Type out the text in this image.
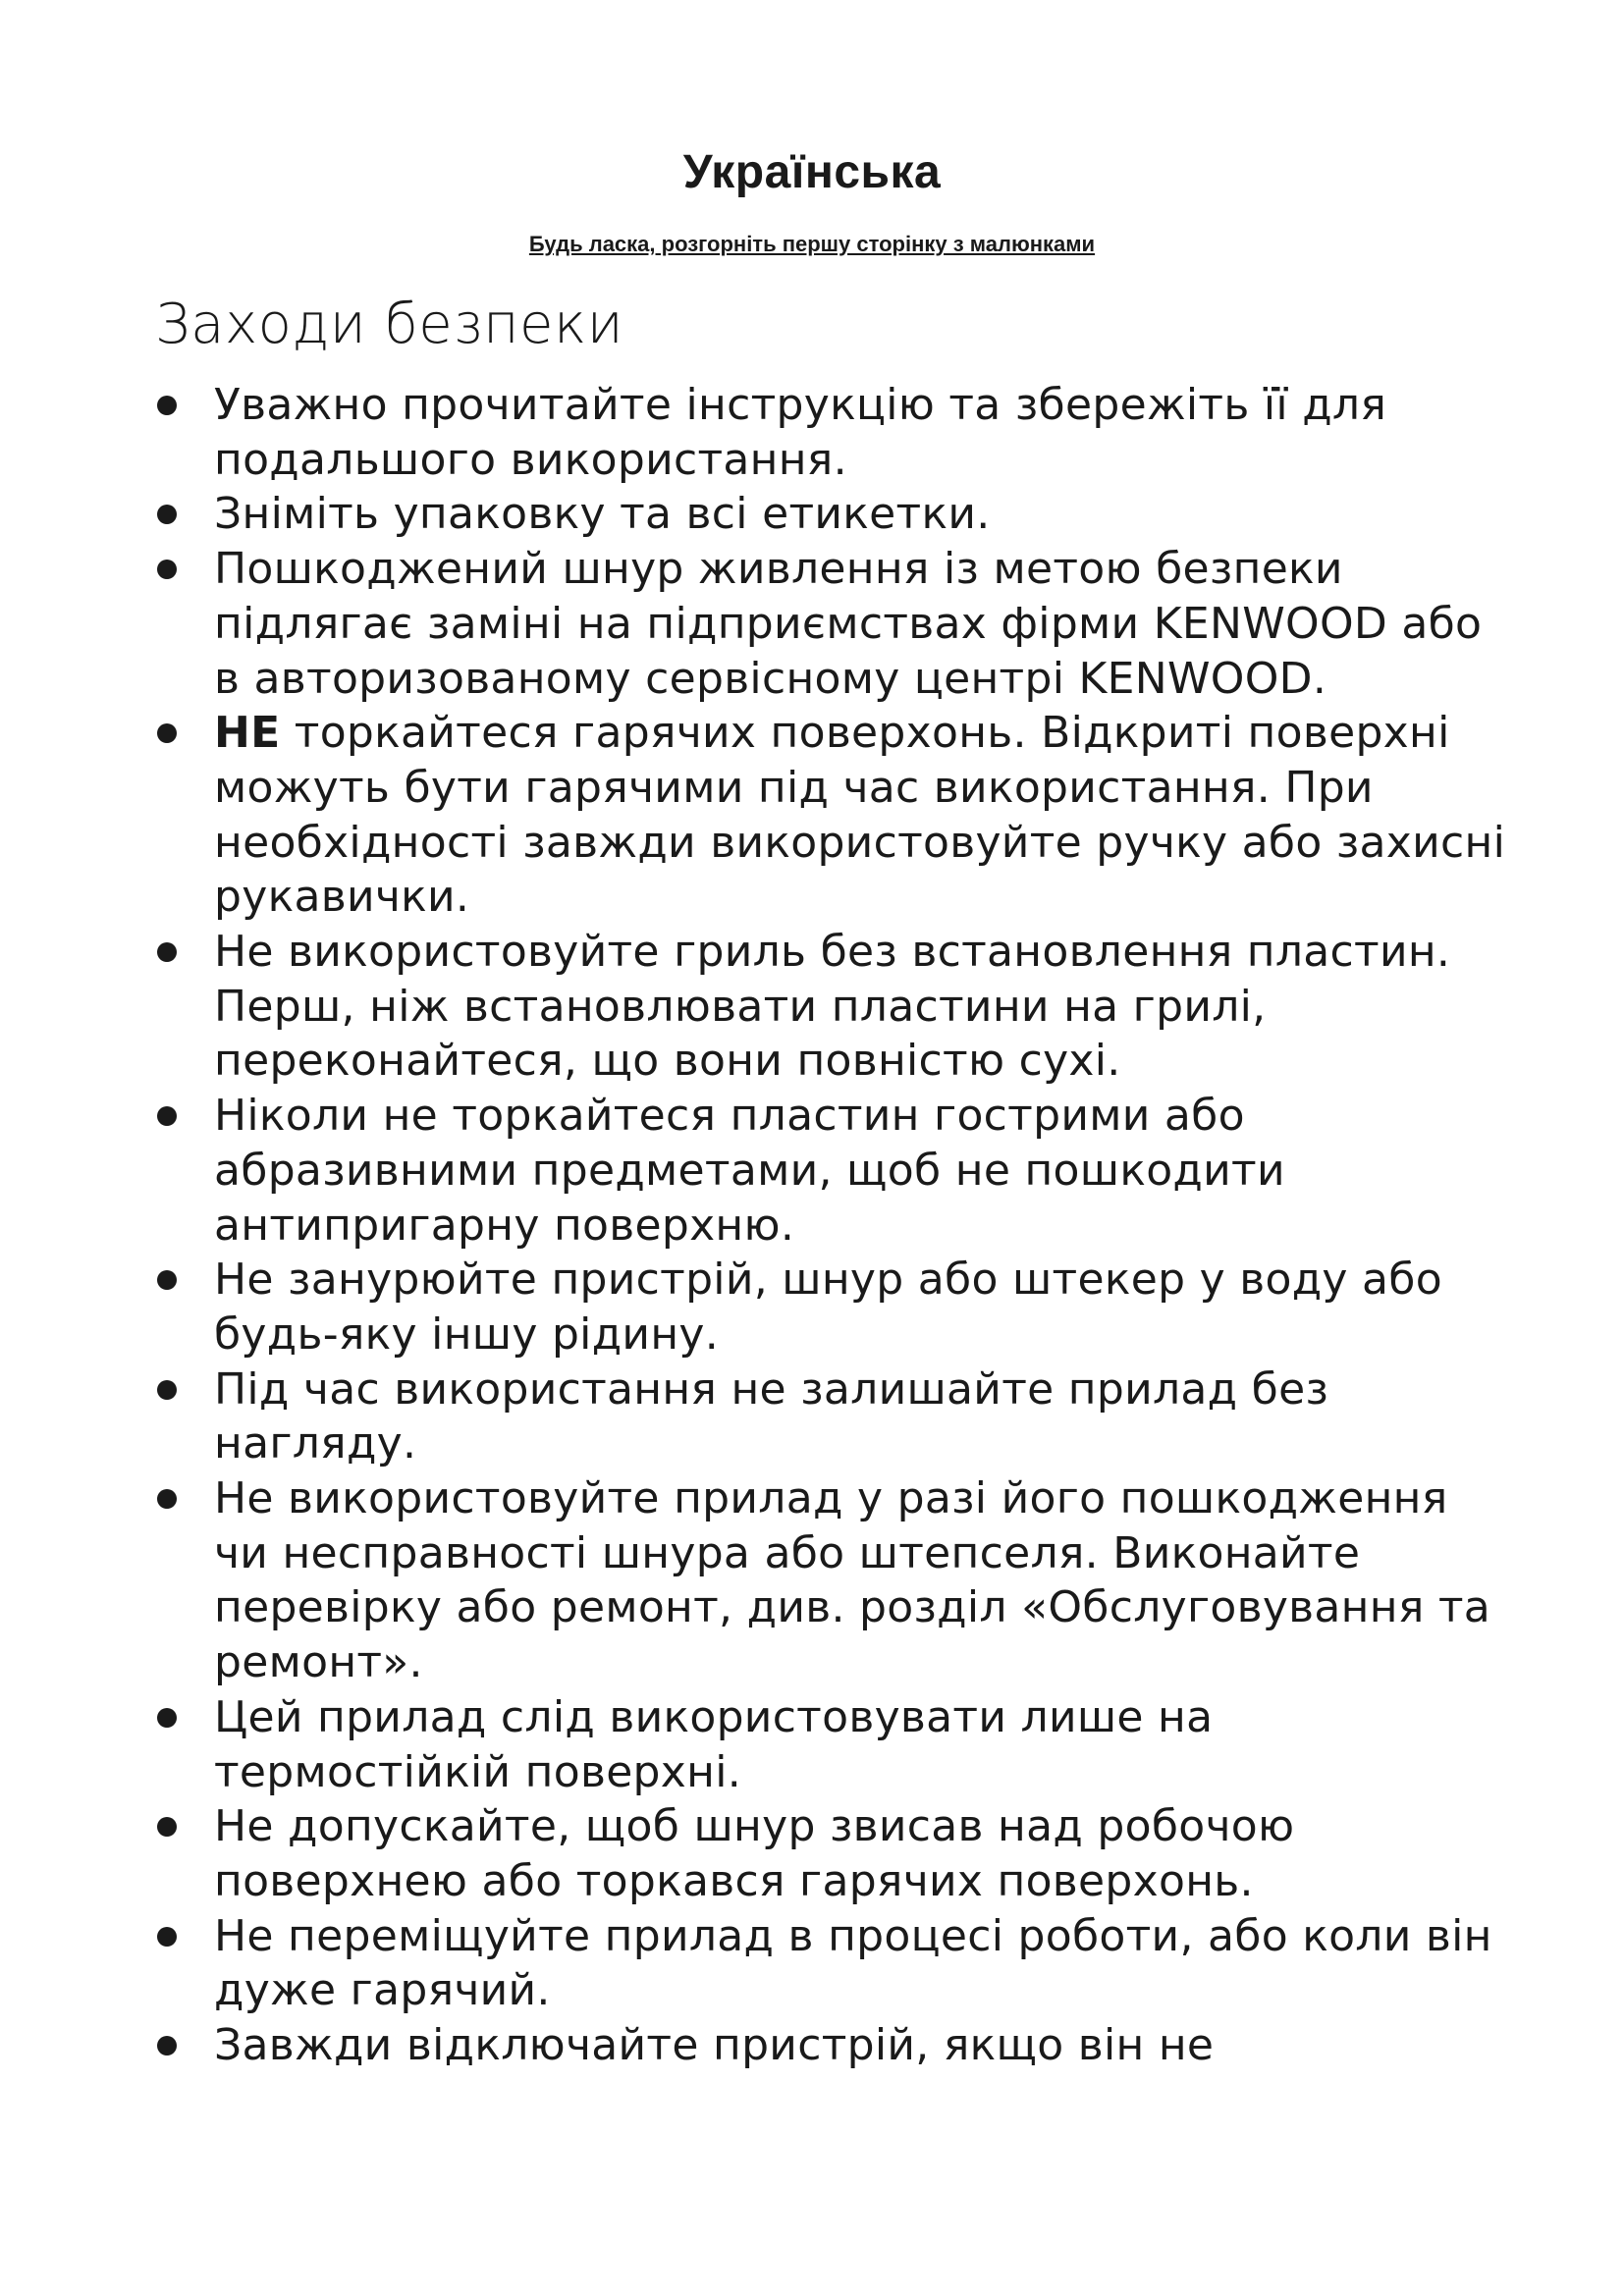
Українська

Будь ласка, розгорніть першу сторінку з малюнками

Заходи безпеки
Уважно прочитайте інструкцію та збережіть її для подальшого використання.
Зніміть упаковку та всі етикетки.
Пошкоджений шнур живлення із метою безпеки підлягає заміні на підприємствах фірми KENWOOD або в авторизованому сервісному центрі KENWOOD.
НЕ торкайтеся гарячих поверхонь. Відкриті поверхні можуть бути гарячими під час використання. При необхідності завжди використовуйте ручку або захисні рукавички.
Не використовуйте гриль без встановлення пластин. Перш, ніж встановлювати пластини на грилі, переконайтеся, що вони повністю сухі.
Ніколи не торкайтеся пластин гострими або абразивними предметами, щоб не пошкодити антипригарну поверхню.
Не занурюйте пристрій, шнур або штекер у воду або будь-яку іншу рідину.
Під час використання не залишайте прилад без нагляду.
Не використовуйте прилад у разі його пошкодження чи несправності шнура або штепселя. Виконайте перевірку або ремонт, див. розділ «Обслуговування та ремонт».
Цей прилад слід використовувати лише на термостійкій поверхні.
Не допускайте, щоб шнур звисав над робочою поверхнею або торкався гарячих поверхонь.
Не переміщуйте прилад в процесі роботи, або коли він дуже гарячий.
Завжди відключайте пристрій, якщо він не
